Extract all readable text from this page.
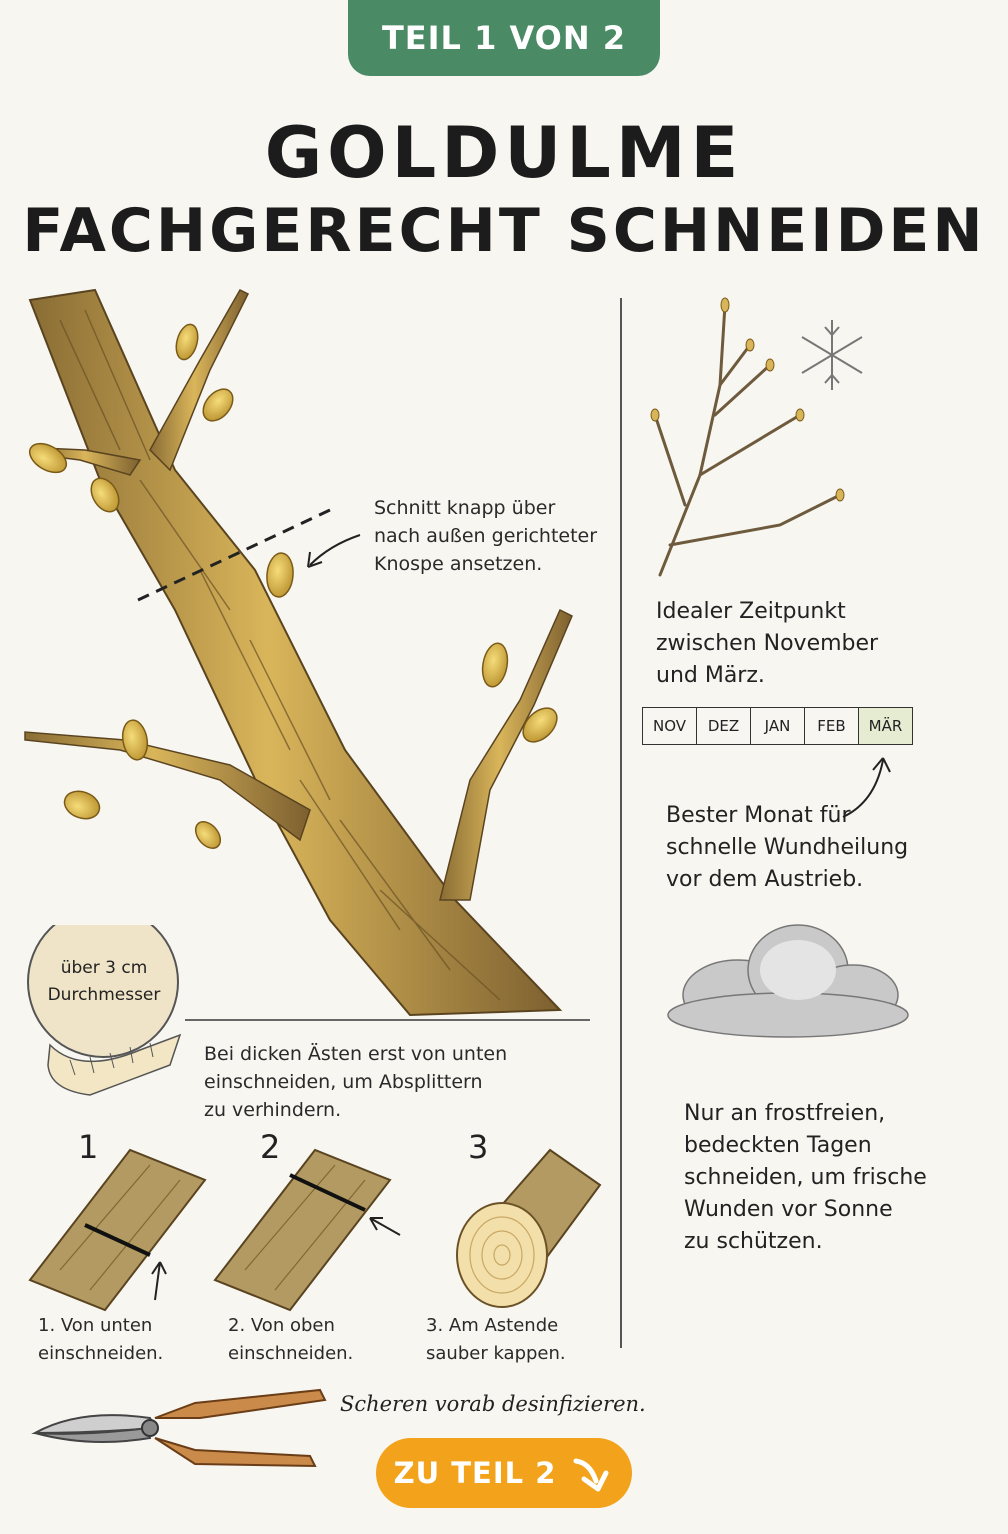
TEIL 1 VON 2
GOLDULME
FACHGERECHT SCHNEIDEN
Schnitt knapp über
nach außen gerichteter
Knospe ansetzen.
Idealer Zeitpunkt
zwischen November
und März.
NOV	DEZ	JAN	FEB	MÄR
Bester Monat für
schnelle Wundheilung
vor dem Austrieb.
Nur an frostfreien,
bedeckten Tagen
schneiden, um frische
Wunden vor Sonne
zu schützen.
über 3 cm
Durchmesser
Bei dicken Ästen erst von unten
einschneiden, um Absplittern
zu verhindern.
1	2	3
1. Von unten
einschneiden.
2. Von oben
einschneiden.
3. Am Astende
sauber kappen.
Scheren vorab desinfizieren.
ZU TEIL 2
